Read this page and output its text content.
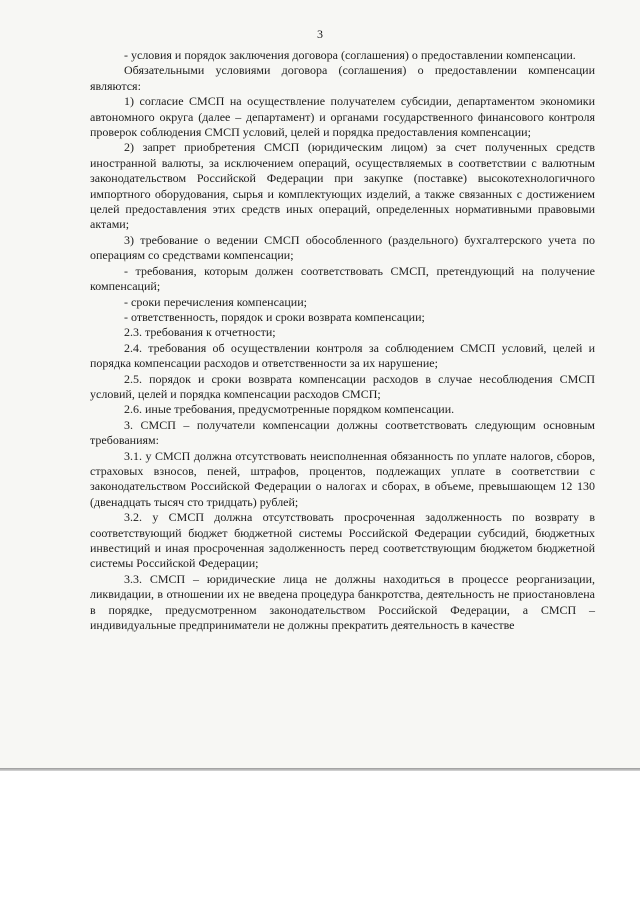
3

- условия и порядок заключения договора (соглашения) о предоставлении компенсации.

Обязательными условиями договора (соглашения) о предоставлении компенсации являются:

1) согласие СМСП на осуществление получателем субсидии, департаментом экономики автономного округа (далее – департамент) и органами государственного финансового контроля проверок соблюдения СМСП условий, целей и порядка предоставления компенсации;

2) запрет приобретения СМСП (юридическим лицом) за счет полученных средств иностранной валюты, за исключением операций, осуществляемых в соответствии с валютным законодательством Российской Федерации при закупке (поставке) высокотехнологичного импортного оборудования, сырья и комплектующих изделий, а также связанных с достижением целей предоставления этих средств иных операций, определенных нормативными правовыми актами;

3) требование о ведении СМСП обособленного (раздельного) бухгалтерского учета по операциям со средствами компенсации;

- требования, которым должен соответствовать СМСП, претендующий на получение компенсаций;

- сроки перечисления компенсации;

- ответственность, порядок и сроки возврата компенсации;

2.3. требования к отчетности;

2.4. требования об осуществлении контроля за соблюдением СМСП условий, целей и порядка компенсации расходов и ответственности за их нарушение;

2.5. порядок и сроки возврата компенсации расходов в случае несоблюдения СМСП условий, целей и порядка компенсации расходов СМСП;

2.6. иные требования, предусмотренные порядком компенсации.

3. СМСП – получатели компенсации должны соответствовать следующим основным требованиям:

3.1. у СМСП должна отсутствовать неисполненная обязанность по уплате налогов, сборов, страховых взносов, пеней, штрафов, процентов, подлежащих уплате в соответствии с законодательством Российской Федерации о налогах и сборах, в объеме, превышающем 12 130 (двенадцать тысяч сто тридцать) рублей;

3.2. у СМСП должна отсутствовать просроченная задолженность по возврату в соответствующий бюджет бюджетной системы Российской Федерации субсидий, бюджетных инвестиций и иная просроченная задолженность перед соответствующим бюджетом бюджетной системы Российской Федерации;

3.3. СМСП – юридические лица не должны находиться в процессе реорганизации, ликвидации, в отношении их не введена процедура банкротства, деятельность не приостановлена в порядке, предусмотренном законодательством Российской Федерации, а СМСП – индивидуальные предприниматели не должны прекратить деятельность в качестве
